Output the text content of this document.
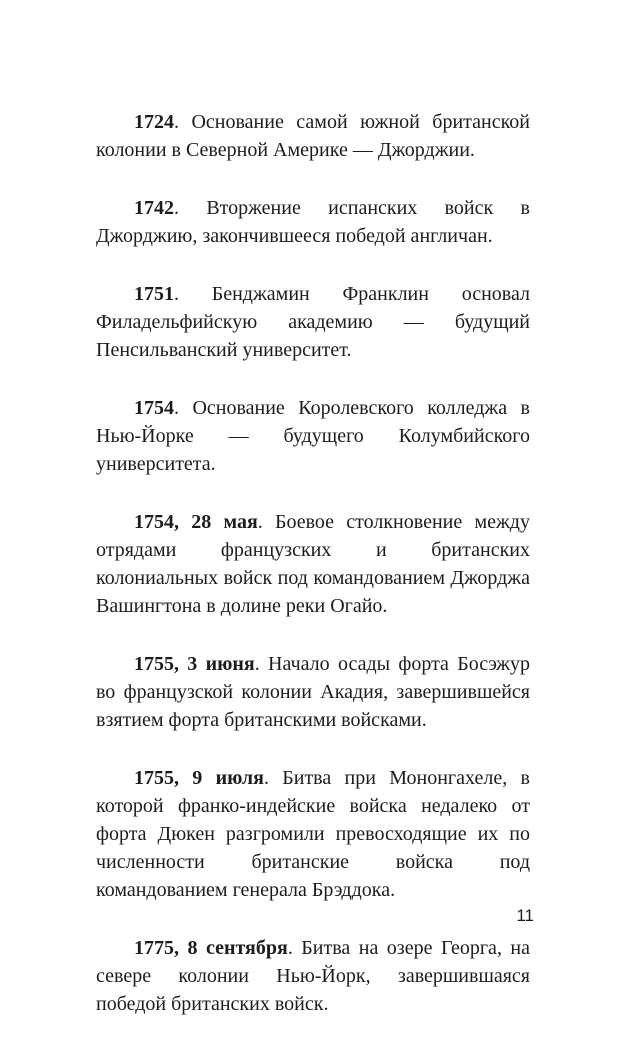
1724. Основание самой южной британской колонии в Северной Америке — Джорджии.

1742. Вторжение испанских войск в Джорджию, закончившееся победой англичан.

1751. Бенджамин Франклин основал Филадельфийскую академию — будущий Пенсильванский университет.

1754. Основание Королевского колледжа в Нью-Йорке — будущего Колумбийского университета.

1754, 28 мая. Боевое столкновение между отрядами французских и британских колониальных войск под командованием Джорджа Вашингтона в долине реки Огайо.

1755, 3 июня. Начало осады форта Босэжур во французской колонии Акадия, завершившейся взятием форта британскими войсками.

1755, 9 июля. Битва при Мононгахеле, в которой франко-индейские войска недалеко от форта Дюкен разгромили превосходящие их по численности британские войска под командованием генерала Брэддока.

1775, 8 сентября. Битва на озере Георга, на севере колонии Нью-Йорк, завершившаяся победой британских войск.

11
